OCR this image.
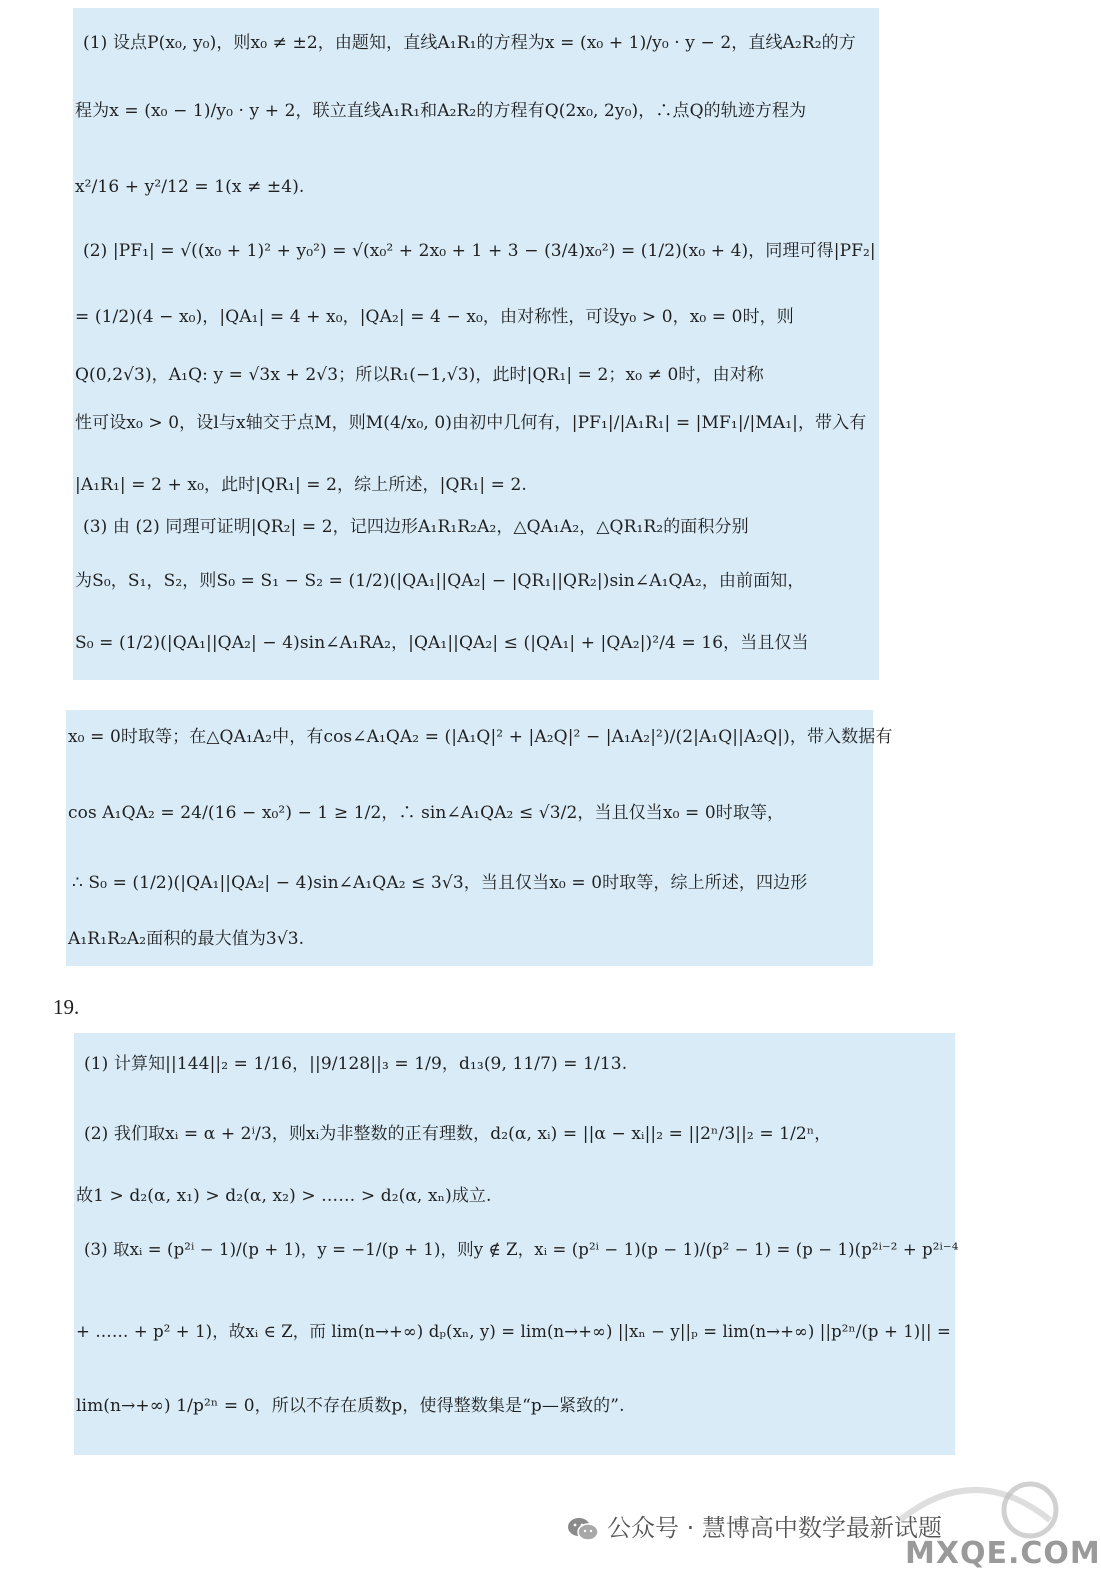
(1) 设点P(x₀, y₀)，则x₀ ≠ ±2，由题知，直线A₁R₁的方程为x = (x₀ + 1)/y₀ · y − 2，直线A₂R₂的方
程为x = (x₀ − 1)/y₀ · y + 2，联立直线A₁R₁和A₂R₂的方程有Q(2x₀, 2y₀)，∴点Q的轨迹方程为
x²/16 + y²/12 = 1(x ≠ ±4).
(2) |PF₁| = √((x₀ + 1)² + y₀²) = √(x₀² + 2x₀ + 1 + 3 − (3/4)x₀²) = (1/2)(x₀ + 4)，同理可得|PF₂|
= (1/2)(4 − x₀)，|QA₁| = 4 + x₀，|QA₂| = 4 − x₀，由对称性，可设y₀ > 0，x₀ = 0时，则
Q(0,2√3)，A₁Q: y = √3x + 2√3；所以R₁(−1,√3)，此时|QR₁| = 2；x₀ ≠ 0时，由对称
性可设x₀ > 0，设l与x轴交于点M，则M(4/x₀, 0)由初中几何有，|PF₁|/|A₁R₁| = |MF₁|/|MA₁|，带入有
|A₁R₁| = 2 + x₀，此时|QR₁| = 2，综上所述，|QR₁| = 2.
(3) 由 (2) 同理可证明|QR₂| = 2，记四边形A₁R₁R₂A₂，△QA₁A₂，△QR₁R₂的面积分别
为S₀，S₁，S₂，则S₀ = S₁ − S₂ = (1/2)(|QA₁||QA₂| − |QR₁||QR₂|)sin∠A₁QA₂，由前面知，
S₀ = (1/2)(|QA₁||QA₂| − 4)sin∠A₁RA₂，|QA₁||QA₂| ≤ (|QA₁| + |QA₂|)²/4 = 16，当且仅当
x₀ = 0时取等；在△QA₁A₂中，有cos∠A₁QA₂ = (|A₁Q|² + |A₂Q|² − |A₁A₂|²)/(2|A₁Q||A₂Q|)，带入数据有
cos A₁QA₂ = 24/(16 − x₀²) − 1 ≥ 1/2，∴ sin∠A₁QA₂ ≤ √3/2，当且仅当x₀ = 0时取等，
∴ S₀ = (1/2)(|QA₁||QA₂| − 4)sin∠A₁QA₂ ≤ 3√3，当且仅当x₀ = 0时取等，综上所述，四边形
A₁R₁R₂A₂面积的最大值为3√3.
19.
(1) 计算知||144||₂ = 1/16，||9/128||₃ = 1/9，d₁₃(9, 11/7) = 1/13.
(2) 我们取xᵢ = α + 2ⁱ/3，则xᵢ为非整数的正有理数，d₂(α, xᵢ) = ||α − xᵢ||₂ = ||2ⁿ/3||₂ = 1/2ⁿ，
故1 > d₂(α, x₁) > d₂(α, x₂) > …… > d₂(α, xₙ)成立.
(3) 取xᵢ = (p²ⁱ − 1)/(p + 1)，y = −1/(p + 1)，则y ∉ Z，xᵢ = (p²ⁱ − 1)(p − 1)/(p² − 1) = (p − 1)(p²ⁱ⁻² + p²ⁱ⁻⁴
+ …… + p² + 1)，故xᵢ ∈ Z，而 lim(n→+∞) dₚ(xₙ, y) = lim(n→+∞) ||xₙ − y||ₚ = lim(n→+∞) ||p²ⁿ/(p + 1)|| =
lim(n→+∞) 1/p²ⁿ = 0，所以不存在质数p，使得整数集是“p—紧致的”.
公众号 · 慧博高中数学最新试题
MXQE.COM
